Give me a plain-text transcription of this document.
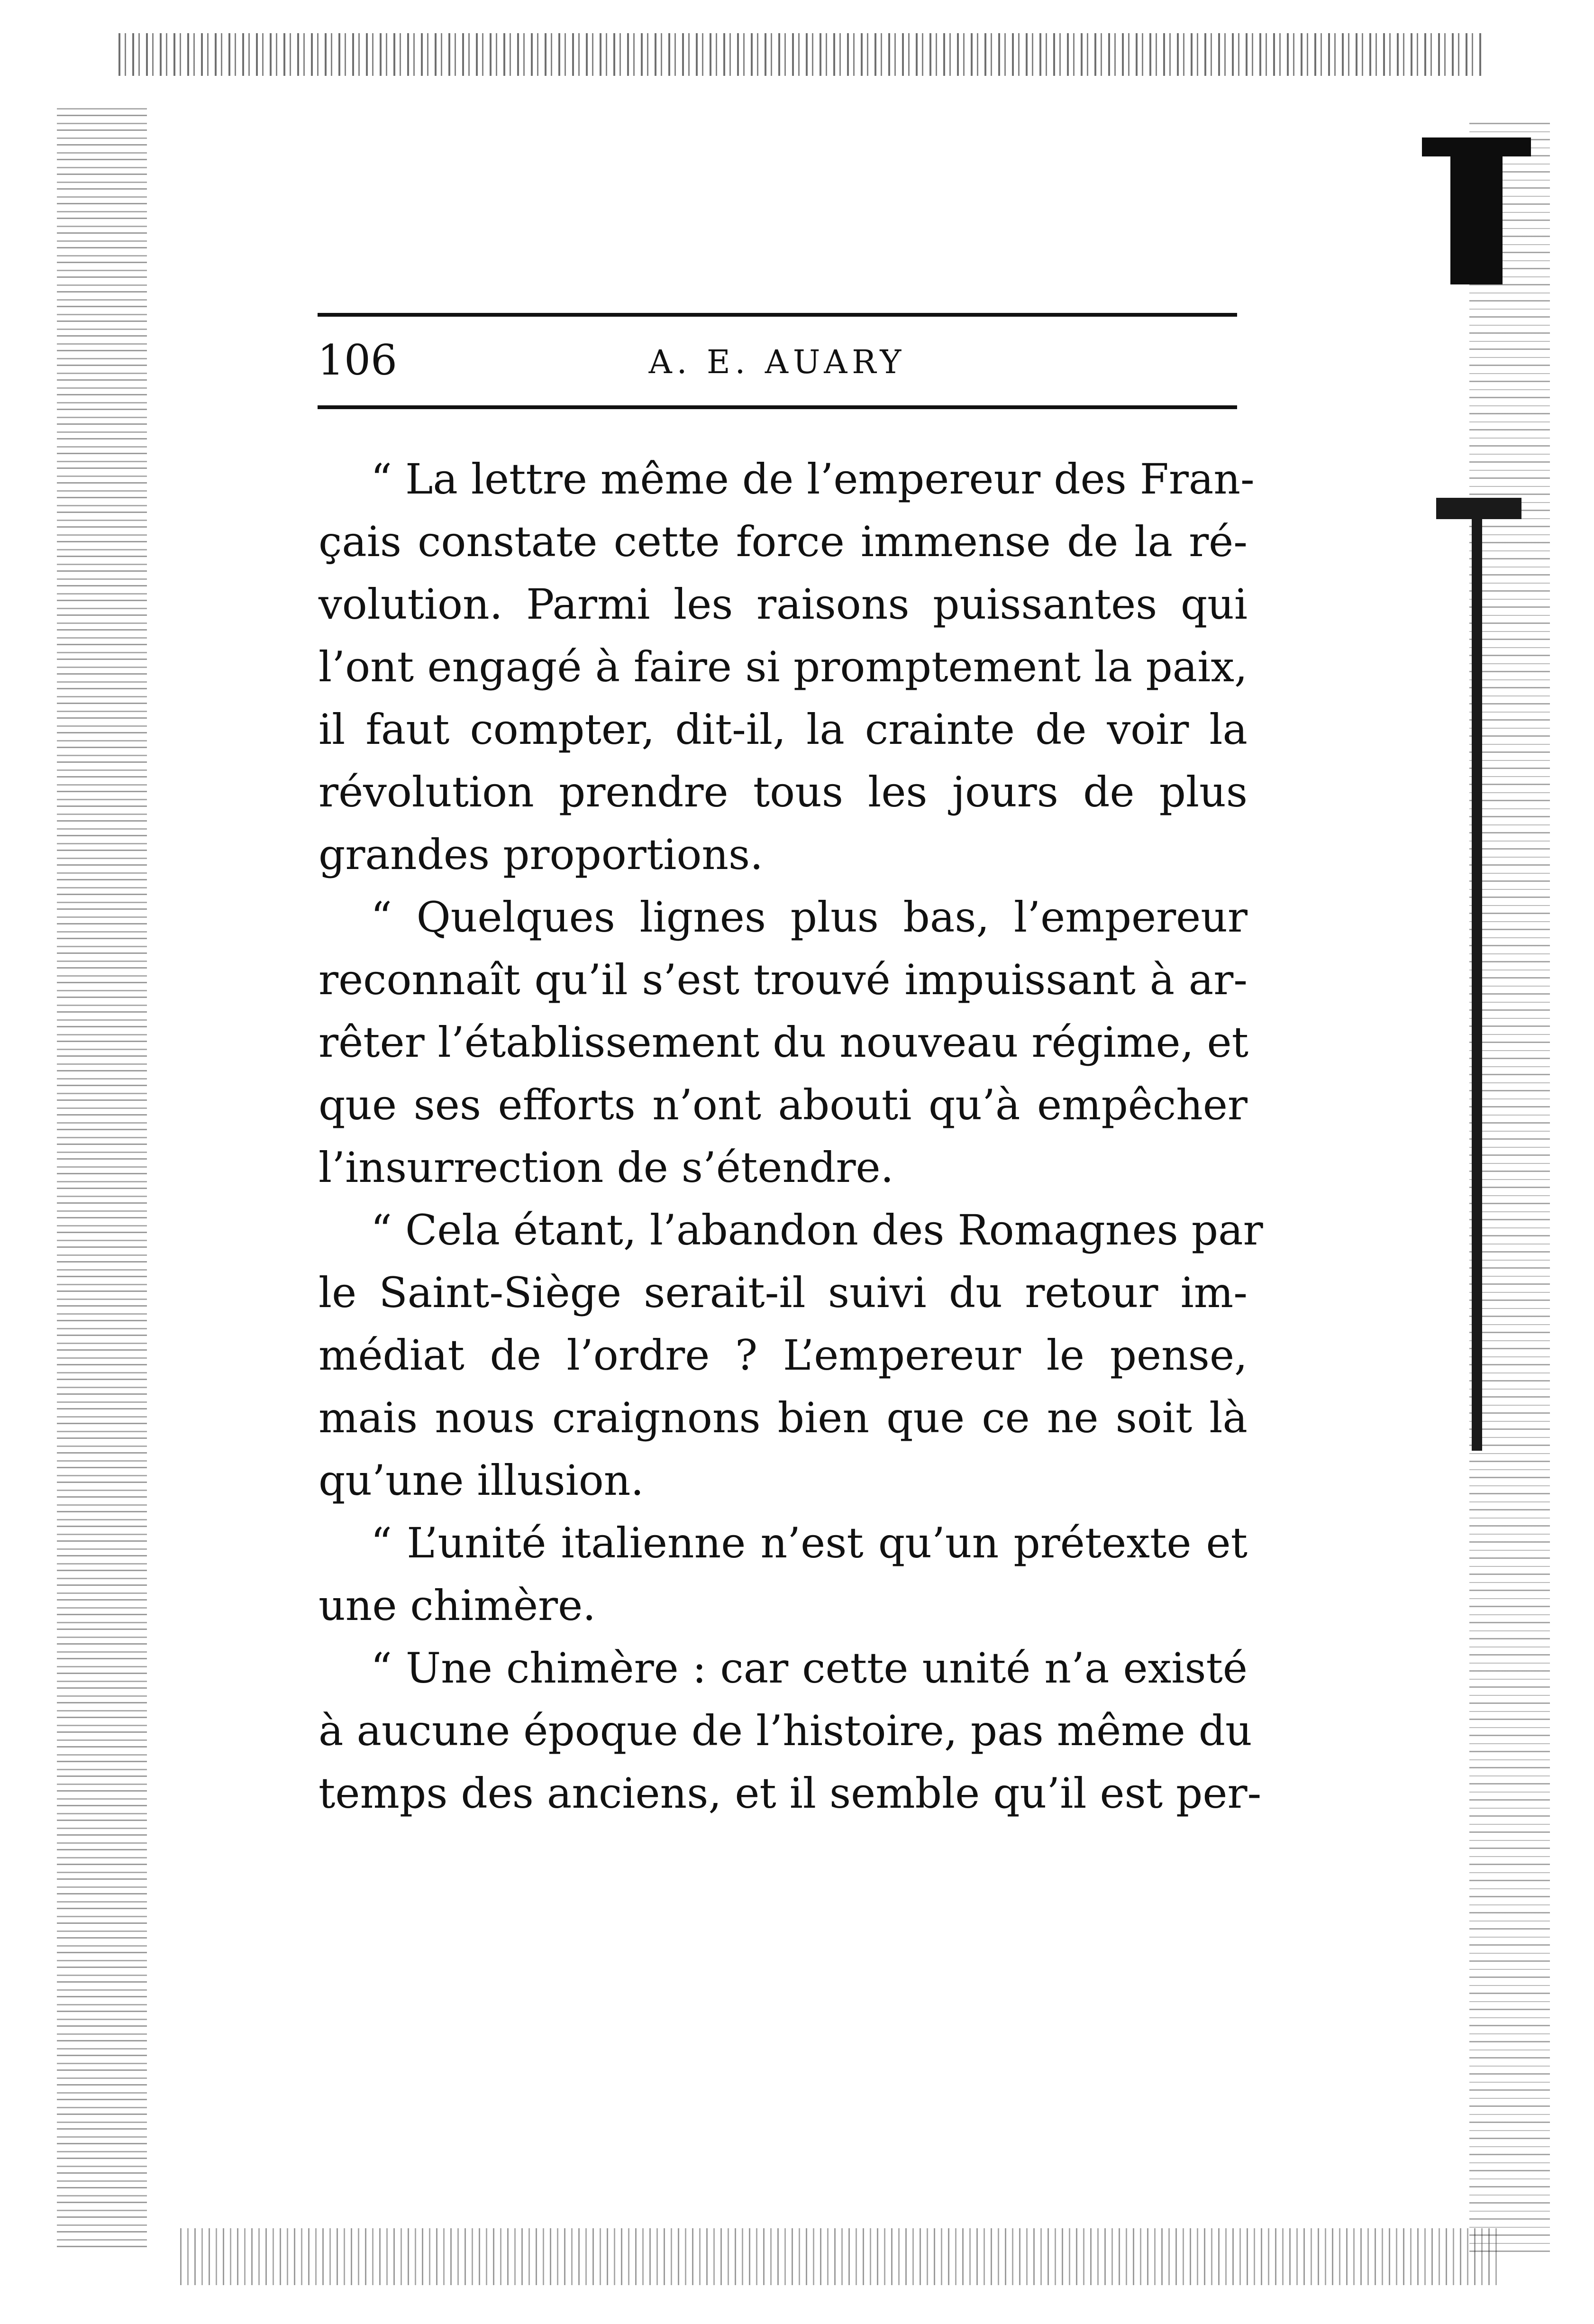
106	A. E. AUARY
“ La lettre même de l’empereur des Fran-
çais constate cette force immense de la ré-
volution. Parmi les raisons puissantes qui
l’ont engagé à faire si promptement la paix,
il faut compter, dit-il, la crainte de voir la
révolution prendre tous les jours de plus
grandes proportions.
“ Quelques lignes plus bas, l’empereur
reconnaît qu’il s’est trouvé impuissant à ar-
rêter l’établissement du nouveau régime, et
que ses efforts n’ont abouti qu’à empêcher
l’insurrection de s’étendre.
“ Cela étant, l’abandon des Romagnes par
le Saint-Siège serait-il suivi du retour im-
médiat de l’ordre ? L’empereur le pense,
mais nous craignons bien que ce ne soit là
qu’une illusion.
“ L’unité italienne n’est qu’un prétexte et
une chimère.
“ Une chimère : car cette unité n’a existé
à aucune époque de l’histoire, pas même du
temps des anciens, et il semble qu’il est per-
